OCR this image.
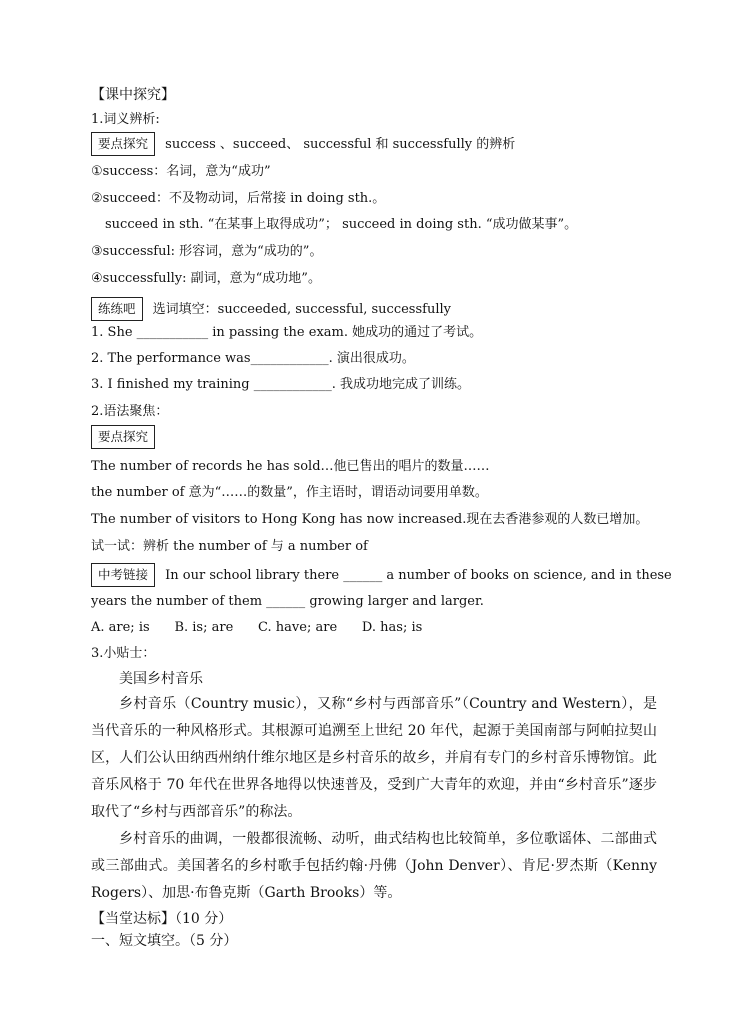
【课中探究】
1.词义辨析:
要点探究 success 、succeed、 successful 和 successfully 的辨析
①success：名词，意为“成功”
②succeed：不及物动词，后常接 in doing sth.。
succeed in sth. “在某事上取得成功”； succeed in doing sth. “成功做某事”。
③successful: 形容词，意为“成功的”。
④successfully: 副词，意为“成功地”。
练练吧 选词填空：succeeded, successful, successfully
1. She ___________ in passing the exam. 她成功的通过了考试。
2. The performance was____________. 演出很成功。
3. I finished my training ____________. 我成功地完成了训练。
2.语法聚焦：
要点探究
The number of records he has sold…他已售出的唱片的数量……
the number of 意为“……的数量”，作主语时，谓语动词要用单数。
The number of visitors to Hong Kong has now increased.现在去香港参观的人数已增加。
试一试：辨析 the number of 与 a number of
中考链接 In our school library there ______ a number of books on science, and in these
years the number of them ______ growing larger and larger.
A. are; is      B. is; are      C. have; are      D. has; is
3.小贴士：
美国乡村音乐
乡村音乐（Country music），又称“乡村与西部音乐”（Country and Western），是当代音乐的一种风格形式。其根源可追溯至上世纪 20 年代，起源于美国南部与阿帕拉契山区，人们公认田纳西州纳什维尔地区是乡村音乐的故乡，并肩有专门的乡村音乐博物馆。此音乐风格于 70 年代在世界各地得以快速普及，受到广大青年的欢迎，并由“乡村音乐”逐步取代了“乡村与西部音乐”的称法。
乡村音乐的曲调，一般都很流畅、动听，曲式结构也比较简单，多位歌谣体、二部曲式或三部曲式。美国著名的乡村歌手包括约翰·丹佛（John Denver）、肯尼·罗杰斯（Kenny Rogers）、加思·布鲁克斯（Garth Brooks）等。
【当堂达标】（10 分）
一、短文填空。（5 分）
